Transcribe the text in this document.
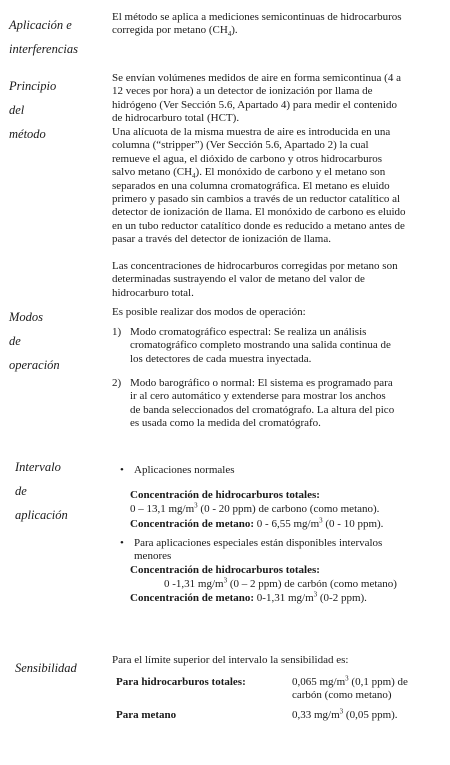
Aplicación e
interferencias
El método se aplica a mediciones semicontinuas de hidrocarburos
corregida por metano $(CH_4)$.
Principio
del
método
Se envían volúmenes medidos de aire en forma semicontinua (4 a
12 veces por hora) a un detector de ionización por llama de
hidrógeno (Ver Sección 5.6, Apartado 4) para medir el contenido
de hidrocarburo total (HCT).
Una alícuota de la misma muestra de aire es introducida en una
columna (“stripper”) (Ver Sección 5.6, Apartado 2) la cual
remueve el agua, el dióxido de carbono y otros hidrocarburos
salvo metano $(CH_4)$. El monóxido de carbono y el metano son
separados en una columna cromatográfica. El metano es eluido
primero y pasado sin cambios a través de un reductor catalítico al
detector de ionización de llama. El monóxido de carbono es eluido
en un tubo reductor catalítico donde es reducido a metano antes de
pasar a través del detector de ionización de llama.
Las concentraciones de hidrocarburos corregidas por metano son
determinadas sustrayendo el valor de metano del valor de
hidrocarburo total.
Modos
de
operación
Es posible realizar dos modos de operación:
1) Modo cromatográfico espectral: Se realiza un análisis
cromatográfico completo mostrando una salida continua de
los detectores de cada muestra inyectada.
2) Modo barográfico o normal: El sistema es programado para
ir al cero automático y extenderse para mostrar los anchos
de banda seleccionados del cromatógrafo. La altura del pico
es usada como la medida del cromatógrafo.
Intervalo
de
aplicación
• Aplicaciones normales
Concentración de hidrocarburos totales:
0 – 13,1 $mg/m^3$ (0 - 20 ppm) de carbono (como metano).
Concentración de metano: 0 - 6,55 $mg/m^3$ (0 - 10 ppm).
• Para aplicaciones especiales están disponibles intervalos
menores
Concentración de hidrocarburos totales:
0 -1,31 $mg/m^3$ (0 – 2 ppm) de carbón (como metano)
Concentración de metano: 0-1,31 $mg/m^3$ (0-2 ppm).
Sensibilidad
Para el límite superior del intervalo la sensibilidad es:
Para hidrocarburos totales:	0,065 $mg/m^3$ (0,1 ppm) de
carbón (como metano)
Para metano	0,33 $mg/m^3$ (0,05 ppm).
